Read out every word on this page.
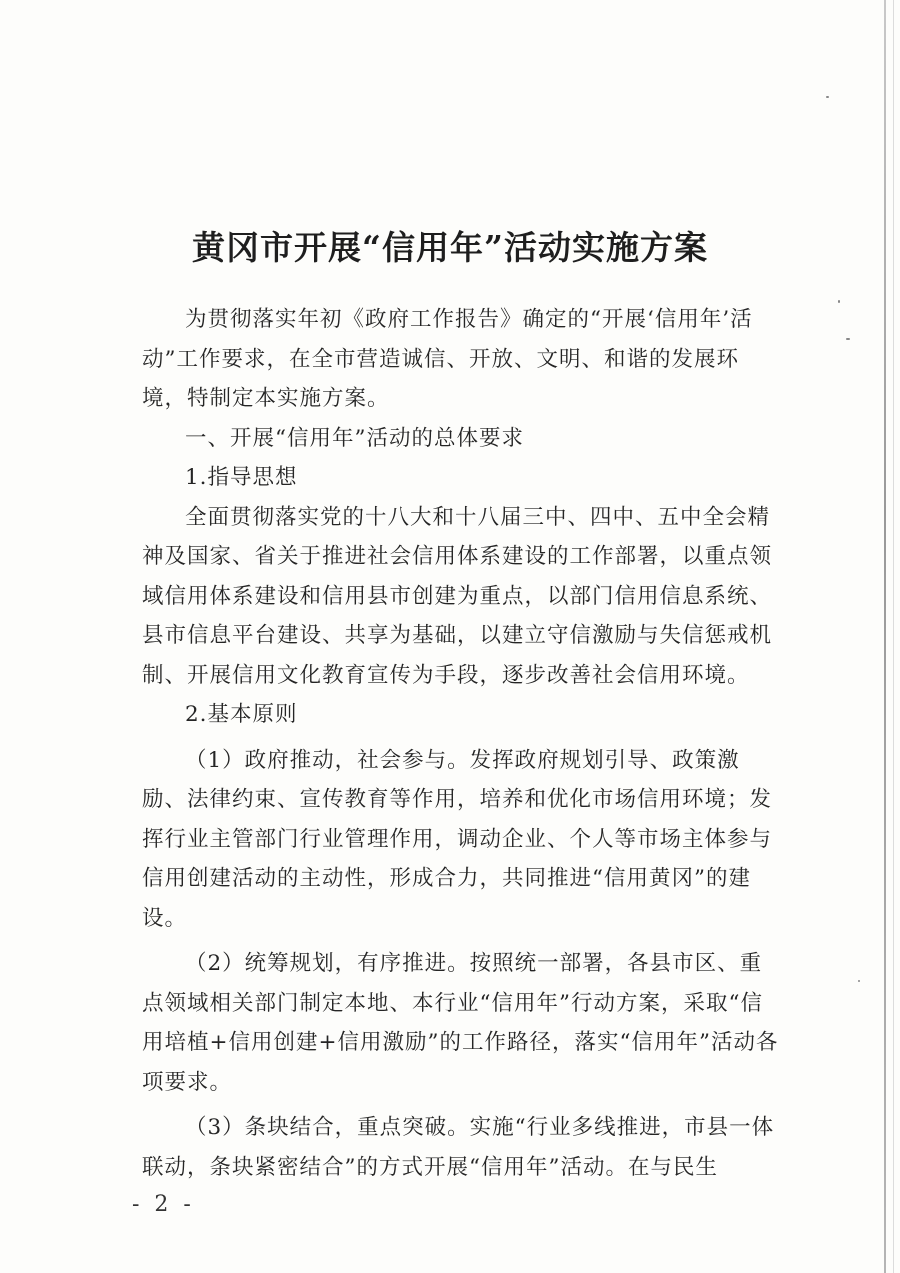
黄冈市开展“信用年”活动实施方案

为贯彻落实年初《政府工作报告》确定的“开展‘信用年’活动”工作要求，在全市营造诚信、开放、文明、和谐的发展环境，特制定本实施方案。

一、开展“信用年”活动的总体要求

1.指导思想

全面贯彻落实党的十八大和十八届三中、四中、五中全会精神及国家、省关于推进社会信用体系建设的工作部署，以重点领域信用体系建设和信用县市创建为重点，以部门信用信息系统、县市信息平台建设、共享为基础，以建立守信激励与失信惩戒机制、开展信用文化教育宣传为手段，逐步改善社会信用环境。

2.基本原则

（1）政府推动，社会参与。发挥政府规划引导、政策激励、法律约束、宣传教育等作用，培养和优化市场信用环境；发挥行业主管部门行业管理作用，调动企业、个人等市场主体参与信用创建活动的主动性，形成合力，共同推进“信用黄冈”的建设。

（2）统筹规划，有序推进。按照统一部署，各县市区、重点领域相关部门制定本地、本行业“信用年”行动方案，采取“信用培植+信用创建+信用激励”的工作路径，落实“信用年”活动各项要求。

（3）条块结合，重点突破。实施“行业多线推进，市县一体联动，条块紧密结合”的方式开展“信用年”活动。在与民生

- 2 -
